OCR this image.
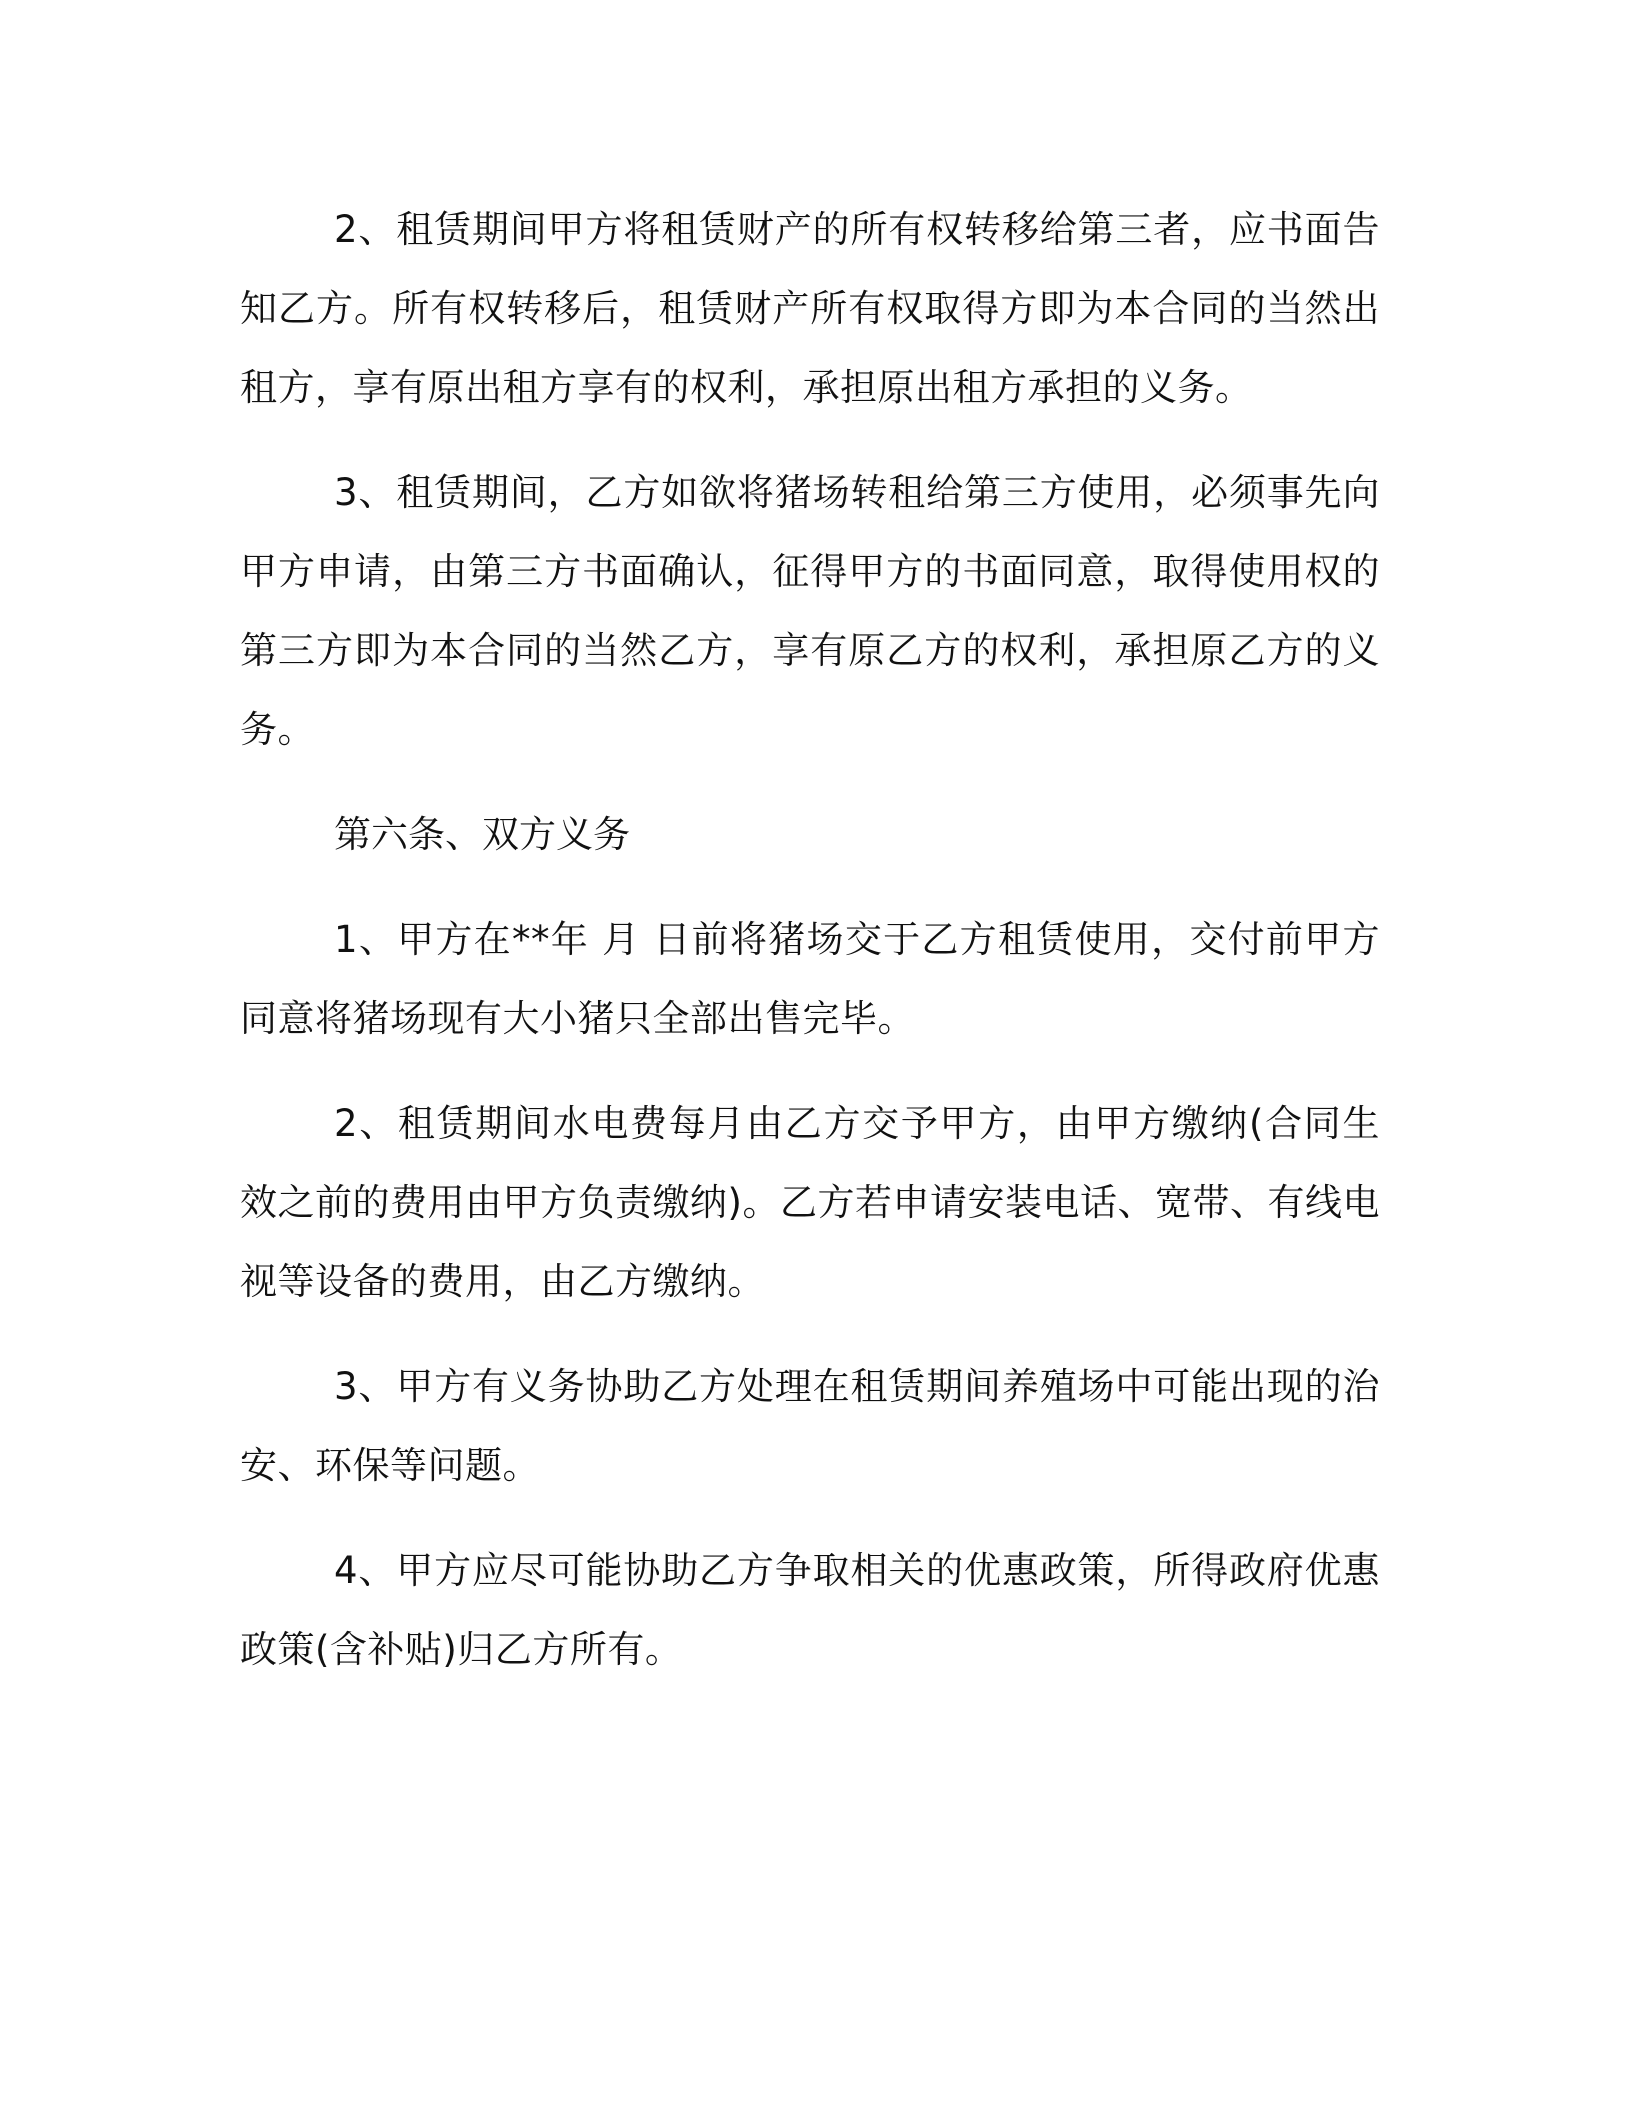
2、租赁期间甲方将租赁财产的所有权转移给第三者，应书面告知乙方。所有权转移后，租赁财产所有权取得方即为本合同的当然出租方，享有原出租方享有的权利，承担原出租方承担的义务。

3、租赁期间，乙方如欲将猪场转租给第三方使用，必须事先向甲方申请，由第三方书面确认，征得甲方的书面同意，取得使用权的第三方即为本合同的当然乙方，享有原乙方的权利，承担原乙方的义务。

第六条、双方义务

1、甲方在**年 月 日前将猪场交于乙方租赁使用，交付前甲方同意将猪场现有大小猪只全部出售完毕。

2、租赁期间水电费每月由乙方交予甲方，由甲方缴纳(合同生效之前的费用由甲方负责缴纳)。乙方若申请安装电话、宽带、有线电视等设备的费用，由乙方缴纳。

3、甲方有义务协助乙方处理在租赁期间养殖场中可能出现的治安、环保等问题。

4、甲方应尽可能协助乙方争取相关的优惠政策，所得政府优惠政策(含补贴)归乙方所有。
